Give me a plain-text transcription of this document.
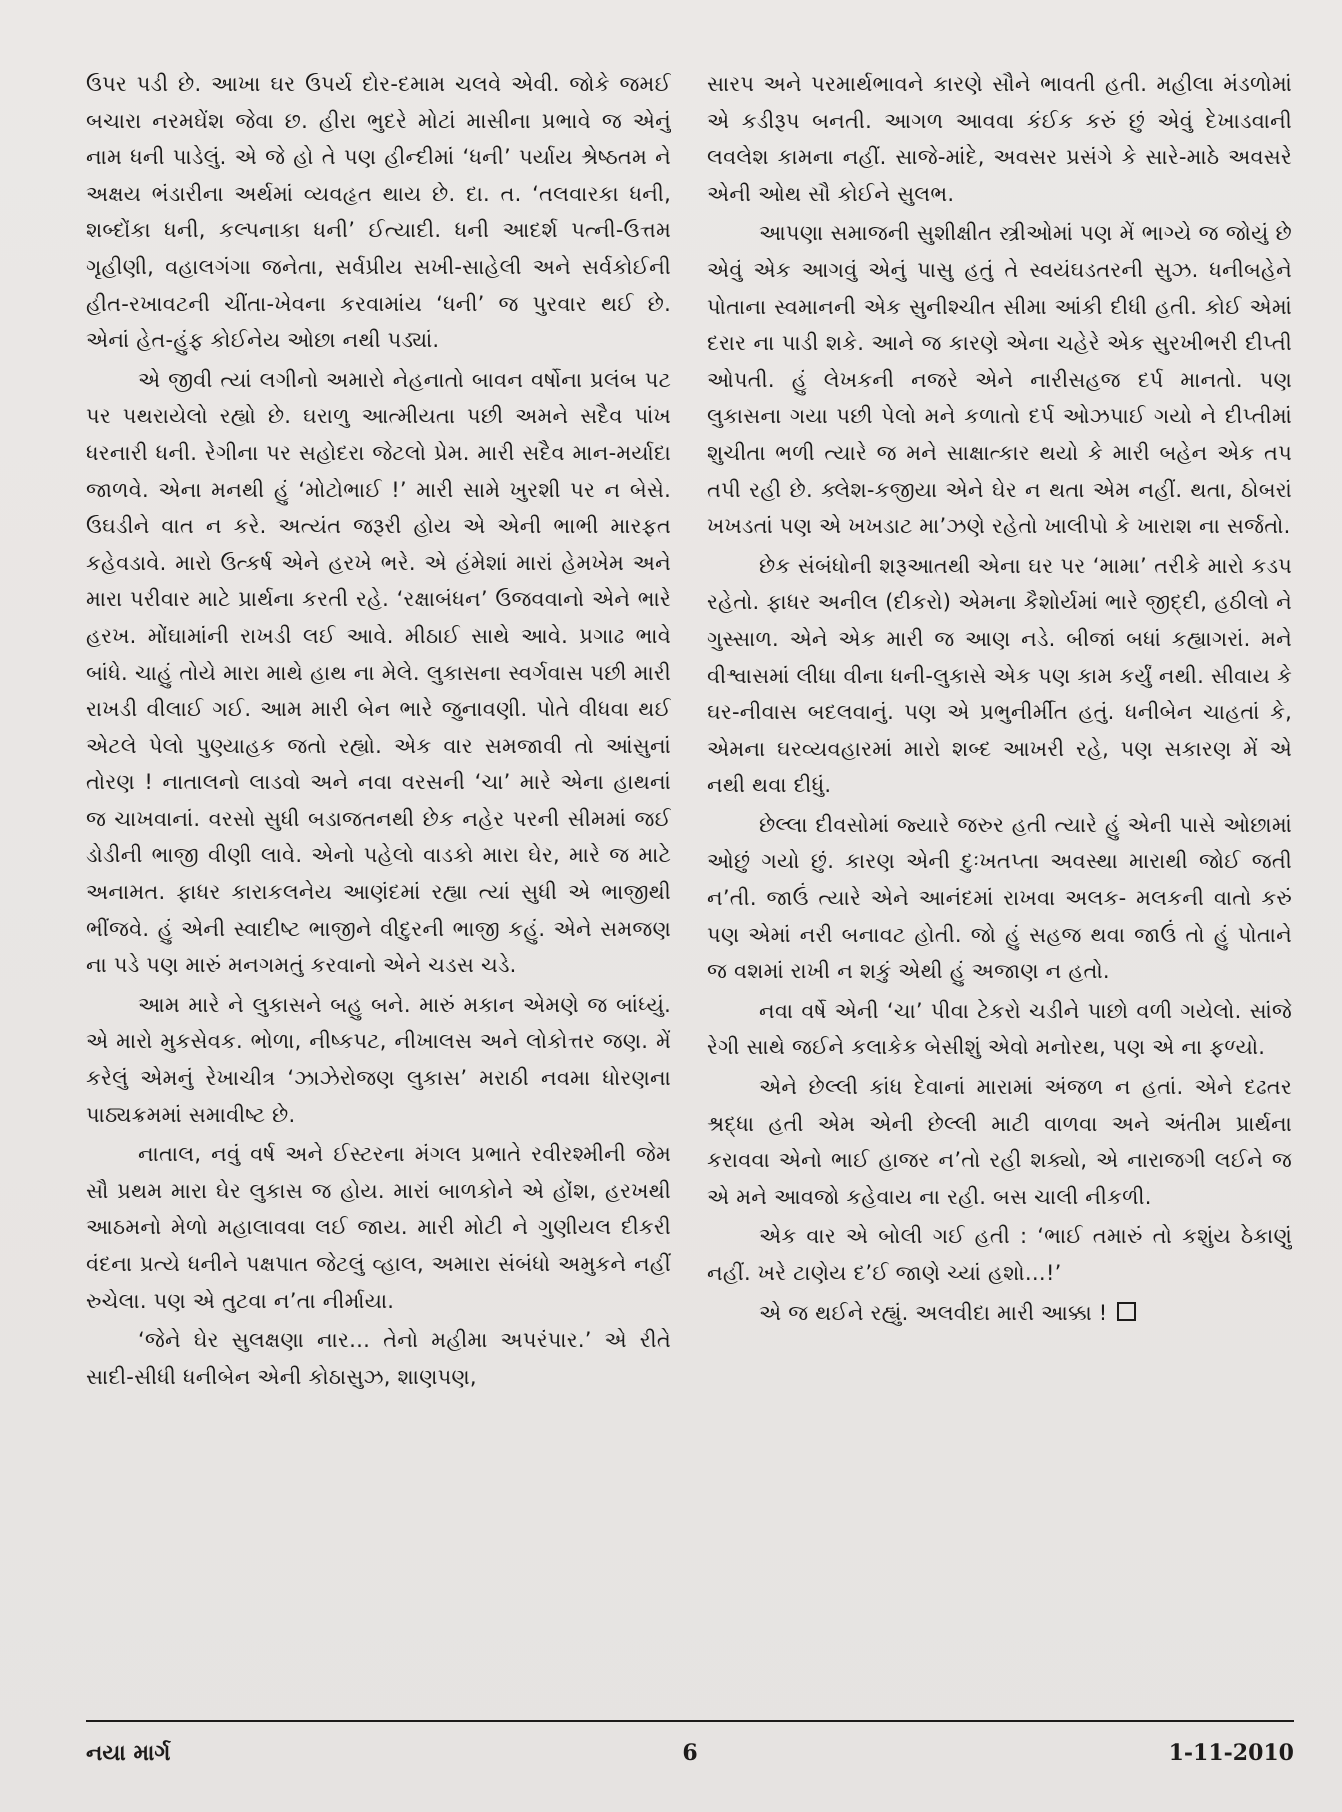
ઉપર પડી છે. આખા ઘર ઉપર્ય દોર-દમામ ચલવે એવી. જોકે જમઈ બચારા નરમઘેંશ જેવા છ. હીરા ભુદરે મોટાં માસીના પ્રભાવે જ એનું નામ ધની પાડેલું. એ જે હો તે પણ હીન્દીમાં ‘ધની’ પર્યાય શ્રેષ્ઠતમ ને અક્ષય ભંડારીના અર્થમાં વ્યવહૃત થાય છે. દા. ત. ‘તલવારકા ધની, શબ્દોંકા ધની, કલ્પનાકા ધની’ ઈત્યાદી. ધની આદર્શ પત્ની-ઉત્તમ ગૃહીણી, વહાલગંગા જનેતા, સર્વપ્રીય સખી-સાહેલી અને સર્વકોઈની હીત-રખાવટની ચીંતા-ખેવના કરવામાંય ‘ધની’ જ પુરવાર થઈ છે. એનાં હેત-હુંફ કોઈનેય ઓછા નથી પડ્યાં.

એ જીવી ત્યાં લગીનો અમારો નેહનાતો બાવન વર્ષોના પ્રલંબ પટ પર પથરાયેલો રહ્યો છે. ઘરાળુ આત્મીયતા પછી અમને સદૈવ પાંખ ધરનારી ધની. રેગીના પર સહોદરા જેટલો પ્રેમ. મારી સદૈવ માન-મર્યાદા જાળવે. એના મનથી હું ‘મોટોભાઈ !’ મારી સામે ખુરશી પર ન બેસે. ઉઘડીને વાત ન કરે. અત્યંત જરૂરી હોય એ એની ભાભી મારફત કહેવડાવે. મારો ઉત્કર્ષ એને હરખે ભરે. એ હંમેશાં મારાં હેમખેમ અને મારા પરીવાર માટે પ્રાર્થના કરતી રહે. ‘રક્ષાબંધન’ ઉજવવાનો એને ભારે હરખ. મોંઘામાંની રાખડી લઈ આવે. મીઠાઈ સાથે આવે. પ્રગાઢ ભાવે બાંધે. ચાહું તોયે મારા માથે હાથ ના મેલે. લુકાસના સ્વર્ગવાસ પછી મારી રાખડી વીલાઈ ગઈ. આમ મારી બેન ભારે જુનાવણી. પોતે વીધવા થઈ એટલે પેલો પુણ્યાહક જતો રહ્યો. એક વાર સમજાવી તો આંસુનાં તોરણ ! નાતાલનો લાડવો અને નવા વરસની ‘ચા’ મારે એના હાથનાં જ ચાખવાનાં. વરસો સુધી બડાજતનથી છેક નહેર પરની સીમમાં જઈ ડોડીની ભાજી વીણી લાવે. એનો પહેલો વાડકો મારા ઘેર, મારે જ માટે અનામત. ફાધર કારાકલનેય આણંદમાં રહ્યા ત્યાં સુધી એ ભાજીથી ભીંજવે. હું એની સ્વાદીષ્ટ ભાજીને વીદુરની ભાજી કહું. એને સમજણ ના પડે પણ મારું મનગમતું કરવાનો એને ચડસ ચડે.

આમ મારે ને લુકાસને બહુ બને. મારું મકાન એમણે જ બાંધ્યું. એ મારો મુકસેવક. ભોળા, નીષ્કપટ, નીખાલસ અને લોકોત્તર જણ. મેં કરેલું એમનું રેખાચીત્ર ‘ઝાઝેરોજણ લુકાસ’ મરાઠી નવમા ધોરણના પાઠ્યક્રમમાં સમાવીષ્ટ છે.

નાતાલ, નવું વર્ષ અને ઈસ્ટરના મંગલ પ્રભાતે રવીરશ્મીની જેમ સૌ પ્રથમ મારા ઘેર લુકાસ જ હોય. મારાં બાળકોને એ હોંશ, હરખથી આઠમનો મેળો મહાલાવવા લઈ જાય. મારી મોટી ને ગુણીયલ દીકરી વંદના પ્રત્યે ધનીને પક્ષપાત જેટલું વ્હાલ, અમારા સંબંધો અમુકને નહીં રુચેલા. પણ એ તુટવા ન’તા નીર્માયા.

‘જેને ઘેર સુલક્ષણા નાર… તેનો મહીમા અપરંપાર.’ એ રીતે સાદી-સીધી ધનીબેન એની કોઠાસુઝ, શાણપણ,

સારપ અને પરમાર્થભાવને કારણે સૌને ભાવતી હતી. મહીલા મંડળોમાં એ કડીરૂપ બનતી. આગળ આવવા કંઈક કરું છું એવું દેખાડવાની લવલેશ કામના નહીં. સાજે-માંદે, અવસર પ્રસંગે કે સારે-માઠે અવસરે એની ઓથ સૌ કોઈને સુલભ.

આપણા સમાજની સુશીક્ષીત સ્ત્રીઓમાં પણ મેં ભાગ્યે જ જોયું છે એવું એક આગવું એનું પાસુ હતું તે સ્વયંઘડતરની સુઝ. ધનીબહેને પોતાના સ્વમાનની એક સુનીશ્ચીત સીમા આંકી દીધી હતી. કોઈ એમાં દરાર ના પાડી શકે. આને જ કારણે એના ચહેરે એક સુરખીભરી દીપ્તી ઓપતી. હું લેખકની નજરે એને નારીસહજ દર્પ માનતો. પણ લુકાસના ગયા પછી પેલો મને કળાતો દર્પ ઓઝપાઈ ગયો ને દીપ્તીમાં શુચીતા ભળી ત્યારે જ મને સાક્ષાત્કાર થયો કે મારી બહેન એક તપ તપી રહી છે. ક્લેશ-કજીયા એને ઘેર ન થતા એમ નહીં. થતા, ઠોબરાં ખખડતાં પણ એ ખખડાટ મા’ઝણે રહેતો ખાલીપો કે ખારાશ ના સર્જતો.

છેક સંબંધોની શરૂઆતથી એના ઘર પર ‘મામા’ તરીકે મારો કડપ રહેતો. ફાધર અનીલ (દીકરો) એમના કૈશોર્યમાં ભારે જીદ્દી, હઠીલો ને ગુસ્સાળ. એને એક મારી જ આણ નડે. બીજાં બધાં કહ્યાગરાં. મને વીશ્વાસમાં લીધા વીના ધની-લુકાસે એક પણ કામ કર્યું નથી. સીવાય કે ઘર-નીવાસ બદલવાનું. પણ એ પ્રભુનીર્મીત હતું. ધનીબેન ચાહતાં કે, એમના ઘરવ્યવહારમાં મારો શબ્દ આખરી રહે, પણ સકારણ મેં એ નથી થવા દીધું.

છેલ્લા દીવસોમાં જ્યારે જરુર હતી ત્યારે હું એની પાસે ઓછામાં ઓછું ગયો છું. કારણ એની દુઃખતપ્તા અવસ્થા મારાથી જોઈ જતી ન’તી. જાઉં ત્યારે એને આનંદમાં રાખવા અલક- મલકની વાતો કરું પણ એમાં નરી બનાવટ હોતી. જો હું સહજ થવા જાઉં તો હું પોતાને જ વશમાં રાખી ન શકું એથી હું અજાણ ન હતો.

નવા વર્ષે એની ‘ચા’ પીવા ટેકરો ચડીને પાછો વળી ગયેલો. સાંજે રેગી સાથે જઈને કલાકેક બેસીશું એવો મનોરથ, પણ એ ના ફળ્યો.

એને છેલ્લી કાંધ દેવાનાં મારામાં અંજળ ન હતાં. એને દઢતર શ્રદ્ધા હતી એમ એની છેલ્લી માટી વાળવા અને અંતીમ પ્રાર્થના કરાવવા એનો ભાઈ હાજર ન’તો રહી શક્યો, એ નારાજગી લઈને જ એ મને આવજો કહેવાય ના રહી. બસ ચાલી નીકળી.

એક વાર એ બોલી ગઈ હતી : ‘ભાઈ તમારું તો કશુંય ઠેકાણું નહીં. ખરે ટાણેય દ’ઈ જાણે ચ્યાં હશો…!’

એ જ થઈને રહ્યું. અલવીદા મારી આક્કા !

નયા માર્ગ	6	1-11-2010
